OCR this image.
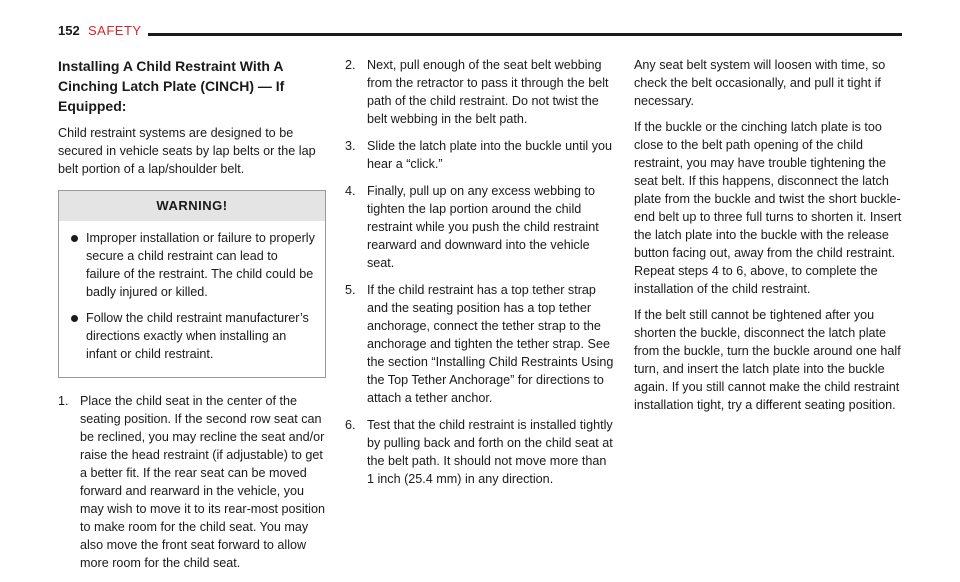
152 SAFETY
Installing A Child Restraint With A Cinching Latch Plate (CINCH) — If Equipped:

Child restraint systems are designed to be secured in vehicle seats by lap belts or the lap belt portion of a lap/shoulder belt.

WARNING!
Improper installation or failure to properly secure a child restraint can lead to failure of the restraint. The child could be badly injured or killed.
Follow the child restraint manufacturer’s directions exactly when installing an infant or child restraint.
1. Place the child seat in the center of the seating position. If the second row seat can be reclined, you may recline the seat and/or raise the head restraint (if adjustable) to get a better fit. If the rear seat can be moved forward and rearward in the vehicle, you may wish to move it to its rear-most position to make room for the child seat. You may also move the front seat forward to allow more room for the child seat.
2. Next, pull enough of the seat belt webbing from the retractor to pass it through the belt path of the child restraint. Do not twist the belt webbing in the belt path.
3. Slide the latch plate into the buckle until you hear a “click.”
4. Finally, pull up on any excess webbing to tighten the lap portion around the child restraint while you push the child restraint rearward and downward into the vehicle seat.
5. If the child restraint has a top tether strap and the seating position has a top tether anchorage, connect the tether strap to the anchorage and tighten the tether strap. See the section “Installing Child Restraints Using the Top Tether Anchorage” for directions to attach a tether anchor.
6. Test that the child restraint is installed tightly by pulling back and forth on the child seat at the belt path. It should not move more than 1 inch (25.4 mm) in any direction.

Any seat belt system will loosen with time, so check the belt occasionally, and pull it tight if necessary.

If the buckle or the cinching latch plate is too close to the belt path opening of the child restraint, you may have trouble tightening the seat belt. If this happens, disconnect the latch plate from the buckle and twist the short buckle-end belt up to three full turns to shorten it. Insert the latch plate into the buckle with the release button facing out, away from the child restraint. Repeat steps 4 to 6, above, to complete the installation of the child restraint.

If the belt still cannot be tightened after you shorten the buckle, disconnect the latch plate from the buckle, turn the buckle around one half turn, and insert the latch plate into the buckle again. If you still cannot make the child restraint installation tight, try a different seating position.
